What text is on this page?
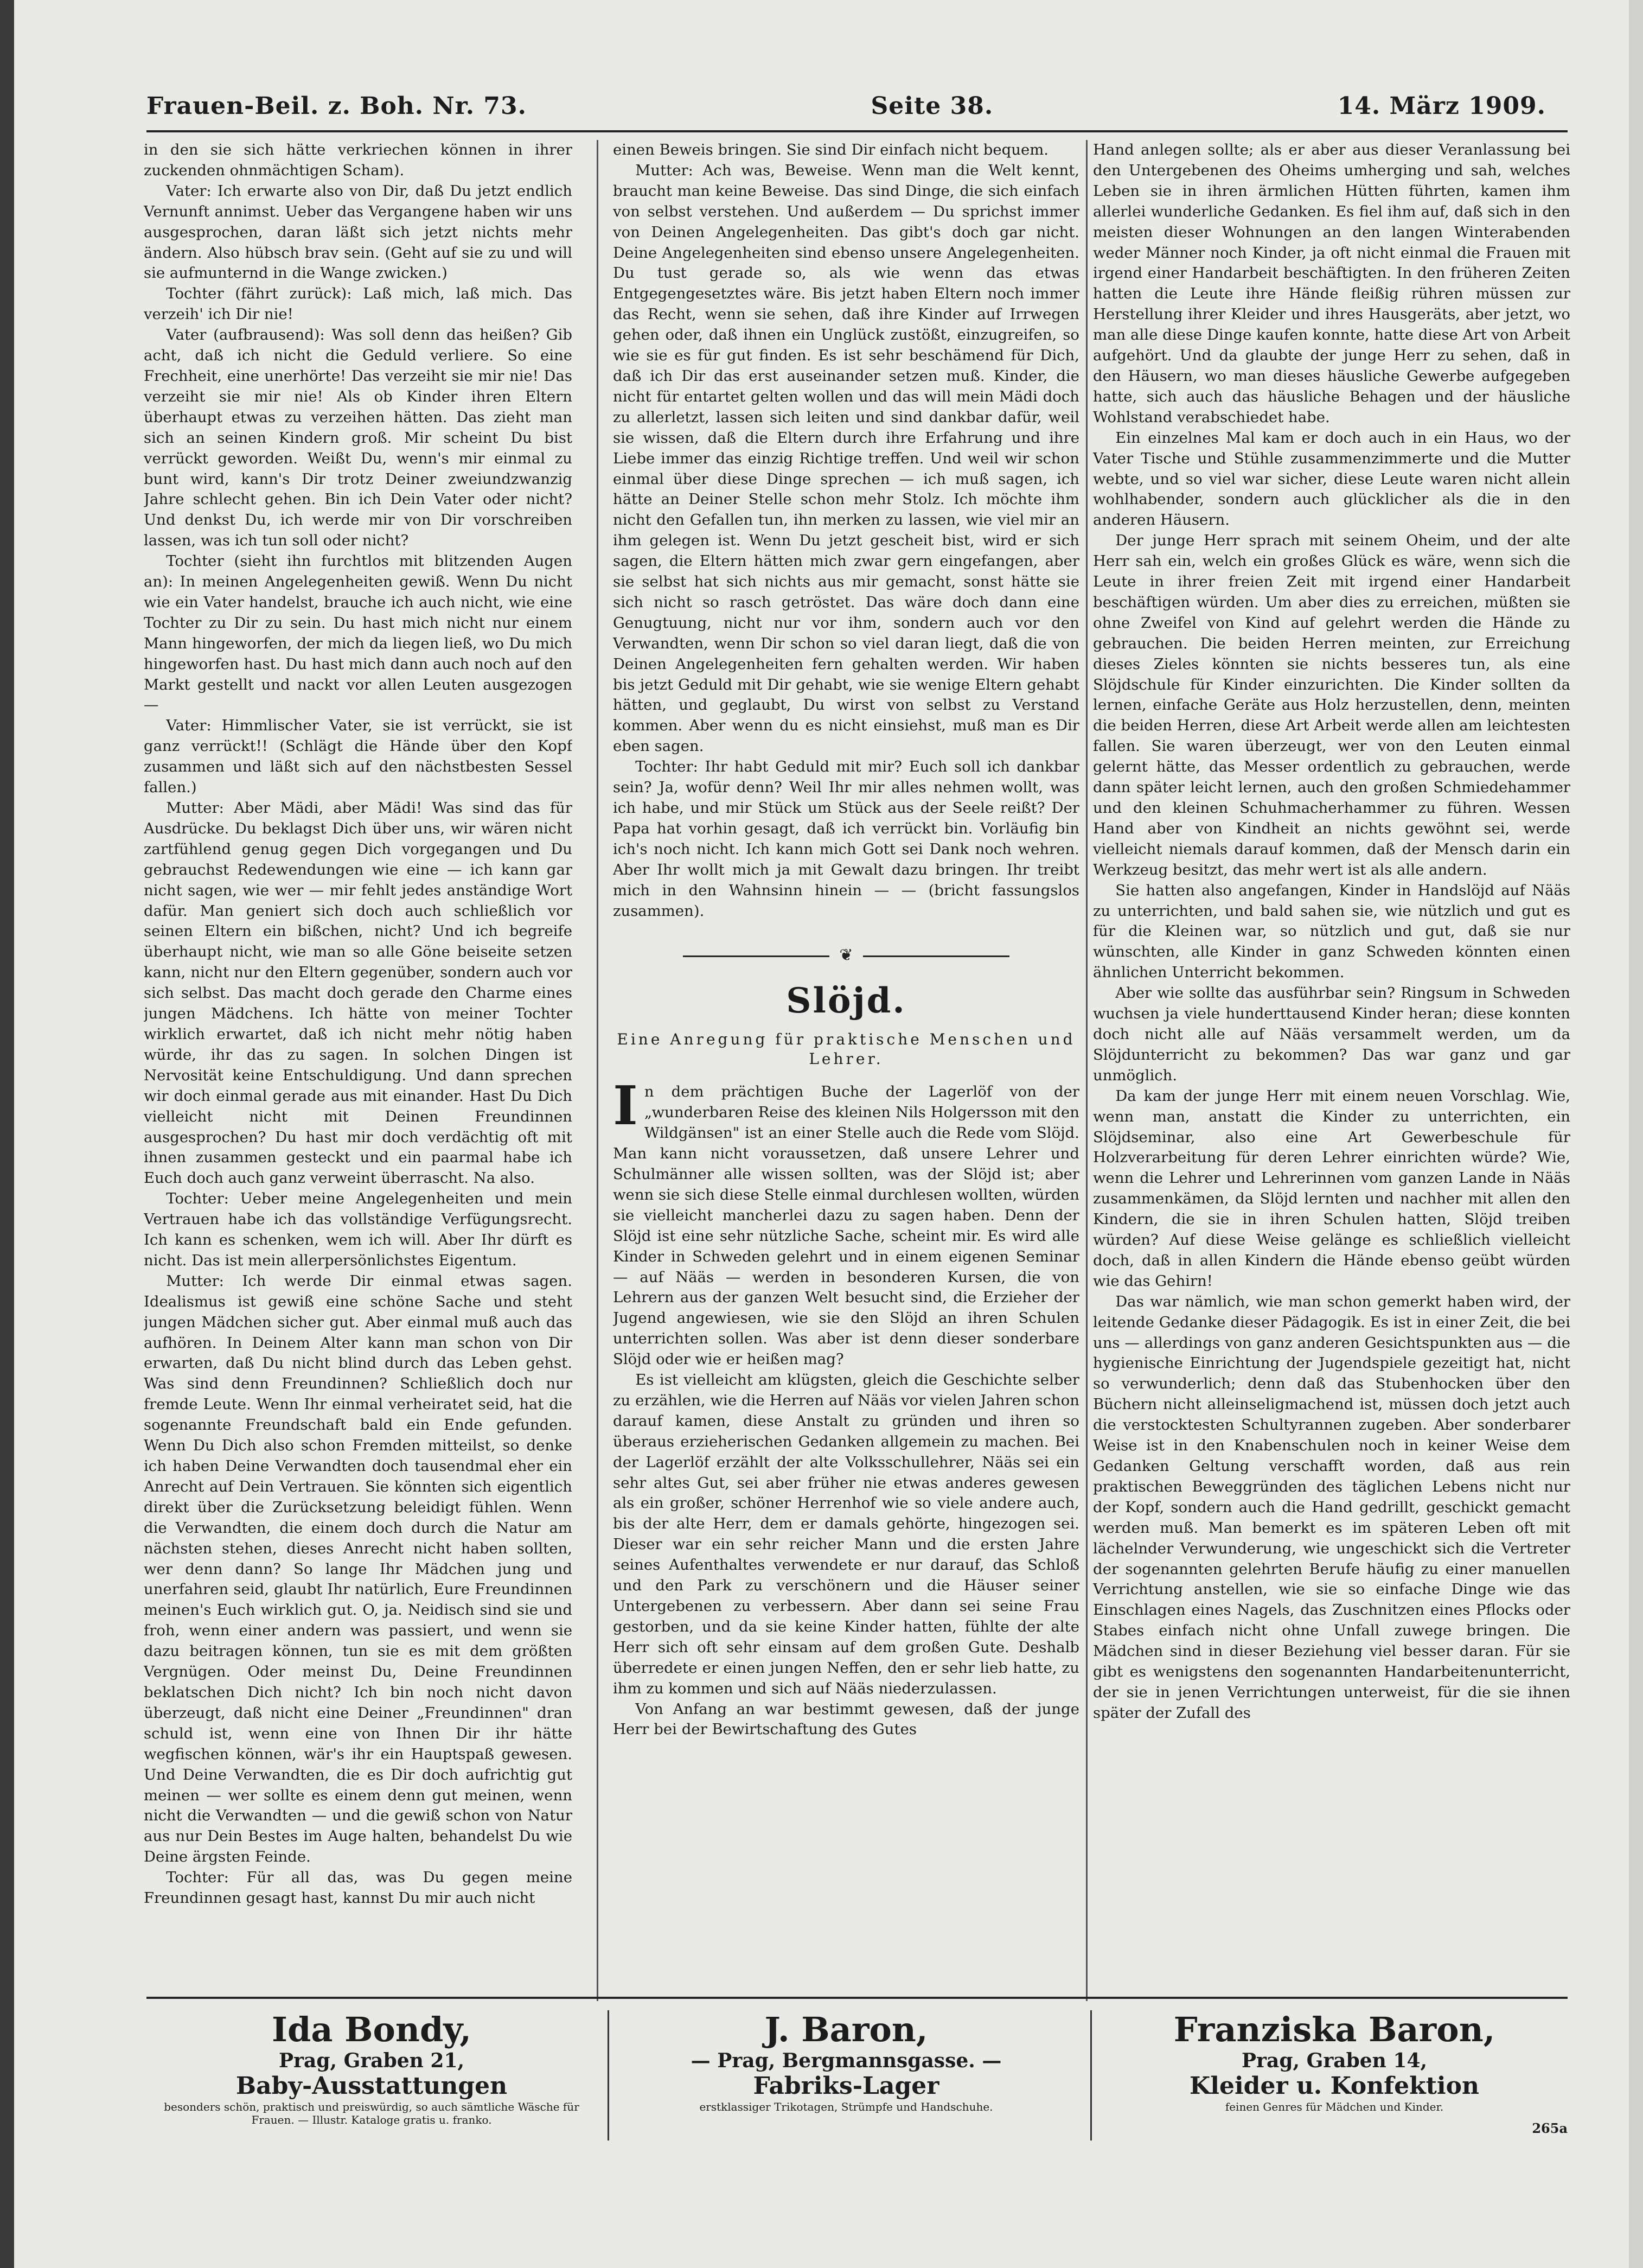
Frauen-Beil. z. Boh. Nr. 73.	Seite 38.	14. März 1909.

in den sie sich hätte verkriechen können in ihrer zuckenden ohnmächtigen Scham).

Vater: Ich erwarte also von Dir, daß Du jetzt endlich Vernunft annimst. Ueber das Vergangene haben wir uns ausgesprochen, daran läßt sich jetzt nichts mehr ändern. Also hübsch brav sein. (Geht auf sie zu und will sie aufmunternd in die Wange zwicken.)

Tochter (fährt zurück): Laß mich, laß mich. Das verzeih' ich Dir nie!

Vater (aufbrausend): Was soll denn das heißen? Gib acht, daß ich nicht die Geduld verliere. So eine Frechheit, eine unerhörte! Das verzeiht sie mir nie! Das verzeiht sie mir nie! Als ob Kinder ihren Eltern überhaupt etwas zu verzeihen hätten. Das zieht man sich an seinen Kindern groß. Mir scheint Du bist verrückt geworden. Weißt Du, wenn's mir einmal zu bunt wird, kann's Dir trotz Deiner zweiundzwanzig Jahre schlecht gehen. Bin ich Dein Vater oder nicht? Und denkst Du, ich werde mir von Dir vorschreiben lassen, was ich tun soll oder nicht?

Tochter (sieht ihn furchtlos mit blitzenden Augen an): In meinen Angelegenheiten gewiß. Wenn Du nicht wie ein Vater handelst, brauche ich auch nicht, wie eine Tochter zu Dir zu sein. Du hast mich nicht nur einem Mann hingeworfen, der mich da liegen ließ, wo Du mich hingeworfen hast. Du hast mich dann auch noch auf den Markt gestellt und nackt vor allen Leuten ausgezogen —

Vater: Himmlischer Vater, sie ist verrückt, sie ist ganz verrückt!! (Schlägt die Hände über den Kopf zusammen und läßt sich auf den nächstbesten Sessel fallen.)

Mutter: Aber Mädi, aber Mädi! Was sind das für Ausdrücke. Du beklagst Dich über uns, wir wären nicht zartfühlend genug gegen Dich vorgegangen und Du gebrauchst Redewendungen wie eine — ich kann gar nicht sagen, wie wer — mir fehlt jedes anständige Wort dafür. Man geniert sich doch auch schließlich vor seinen Eltern ein bißchen, nicht? Und ich begreife überhaupt nicht, wie man so alle Göne beiseite setzen kann, nicht nur den Eltern gegenüber, sondern auch vor sich selbst. Das macht doch gerade den Charme eines jungen Mädchens. Ich hätte von meiner Tochter wirklich erwartet, daß ich nicht mehr nötig haben würde, ihr das zu sagen. In solchen Dingen ist Nervosität keine Entschuldigung. Und dann sprechen wir doch einmal gerade aus mit einander. Hast Du Dich vielleicht nicht mit Deinen Freundinnen ausgesprochen? Du hast mir doch verdächtig oft mit ihnen zusammen gesteckt und ein paarmal habe ich Euch doch auch ganz verweint überrascht. Na also.

Tochter: Ueber meine Angelegenheiten und mein Vertrauen habe ich das vollständige Verfügungsrecht. Ich kann es schenken, wem ich will. Aber Ihr dürft es nicht. Das ist mein allerpersönlichstes Eigentum.

Mutter: Ich werde Dir einmal etwas sagen. Idealismus ist gewiß eine schöne Sache und steht jungen Mädchen sicher gut. Aber einmal muß auch das aufhören. In Deinem Alter kann man schon von Dir erwarten, daß Du nicht blind durch das Leben gehst. Was sind denn Freundinnen? Schließlich doch nur fremde Leute. Wenn Ihr einmal verheiratet seid, hat die sogenannte Freundschaft bald ein Ende gefunden. Wenn Du Dich also schon Fremden mitteilst, so denke ich haben Deine Verwandten doch tausendmal eher ein Anrecht auf Dein Vertrauen. Sie könnten sich eigentlich direkt über die Zurücksetzung beleidigt fühlen. Wenn die Verwandten, die einem doch durch die Natur am nächsten stehen, dieses Anrecht nicht haben sollten, wer denn dann? So lange Ihr Mädchen jung und unerfahren seid, glaubt Ihr natürlich, Eure Freundinnen meinen's Euch wirklich gut. O, ja. Neidisch sind sie und froh, wenn einer andern was passiert, und wenn sie dazu beitragen können, tun sie es mit dem größten Vergnügen. Oder meinst Du, Deine Freundinnen beklatschen Dich nicht? Ich bin noch nicht davon überzeugt, daß nicht eine Deiner „Freundinnen" dran schuld ist, wenn eine von Ihnen Dir ihr hätte wegfischen können, wär's ihr ein Hauptspaß gewesen. Und Deine Verwandten, die es Dir doch aufrichtig gut meinen — wer sollte es einem denn gut meinen, wenn nicht die Verwandten — und die gewiß schon von Natur aus nur Dein Bestes im Auge halten, behandelst Du wie Deine ärgsten Feinde.

Tochter: Für all das, was Du gegen meine Freundinnen gesagt hast, kannst Du mir auch nicht

einen Beweis bringen. Sie sind Dir einfach nicht bequem.

Mutter: Ach was, Beweise. Wenn man die Welt kennt, braucht man keine Beweise. Das sind Dinge, die sich einfach von selbst verstehen. Und außerdem — Du sprichst immer von Deinen Angelegenheiten. Das gibt's doch gar nicht. Deine Angelegenheiten sind ebenso unsere Angelegenheiten. Du tust gerade so, als wie wenn das etwas Entgegengesetztes wäre. Bis jetzt haben Eltern noch immer das Recht, wenn sie sehen, daß ihre Kinder auf Irrwegen gehen oder, daß ihnen ein Unglück zustößt, einzugreifen, so wie sie es für gut finden. Es ist sehr beschämend für Dich, daß ich Dir das erst auseinander setzen muß. Kinder, die nicht für entartet gelten wollen und das will mein Mädi doch zu allerletzt, lassen sich leiten und sind dankbar dafür, weil sie wissen, daß die Eltern durch ihre Erfahrung und ihre Liebe immer das einzig Richtige treffen. Und weil wir schon einmal über diese Dinge sprechen — ich muß sagen, ich hätte an Deiner Stelle schon mehr Stolz. Ich möchte ihm nicht den Gefallen tun, ihn merken zu lassen, wie viel mir an ihm gelegen ist. Wenn Du jetzt gescheit bist, wird er sich sagen, die Eltern hätten mich zwar gern eingefangen, aber sie selbst hat sich nichts aus mir gemacht, sonst hätte sie sich nicht so rasch getröstet. Das wäre doch dann eine Genugtuung, nicht nur vor ihm, sondern auch vor den Verwandten, wenn Dir schon so viel daran liegt, daß die von Deinen Angelegenheiten fern gehalten werden. Wir haben bis jetzt Geduld mit Dir gehabt, wie sie wenige Eltern gehabt hätten, und geglaubt, Du wirst von selbst zu Verstand kommen. Aber wenn du es nicht einsiehst, muß man es Dir eben sagen.

Tochter: Ihr habt Geduld mit mir? Euch soll ich dankbar sein? Ja, wofür denn? Weil Ihr mir alles nehmen wollt, was ich habe, und mir Stück um Stück aus der Seele reißt? Der Papa hat vorhin gesagt, daß ich verrückt bin. Vorläufig bin ich's noch nicht. Ich kann mich Gott sei Dank noch wehren. Aber Ihr wollt mich ja mit Gewalt dazu bringen. Ihr treibt mich in den Wahnsinn hinein — — (bricht fassungslos zusammen).

❦
Slöjd.
Eine Anregung für praktische Menschen und Lehrer.

In dem prächtigen Buche der Lagerlöf von der „wunderbaren Reise des kleinen Nils Holgersson mit den Wildgänsen" ist an einer Stelle auch die Rede vom Slöjd. Man kann nicht voraussetzen, daß unsere Lehrer und Schulmänner alle wissen sollten, was der Slöjd ist; aber wenn sie sich diese Stelle einmal durchlesen wollten, würden sie vielleicht mancherlei dazu zu sagen haben. Denn der Slöjd ist eine sehr nützliche Sache, scheint mir. Es wird alle Kinder in Schweden gelehrt und in einem eigenen Seminar — auf Nääs — werden in besonderen Kursen, die von Lehrern aus der ganzen Welt besucht sind, die Erzieher der Jugend angewiesen, wie sie den Slöjd an ihren Schulen unterrichten sollen. Was aber ist denn dieser sonderbare Slöjd oder wie er heißen mag?

Es ist vielleicht am klügsten, gleich die Geschichte selber zu erzählen, wie die Herren auf Nääs vor vielen Jahren schon darauf kamen, diese Anstalt zu gründen und ihren so überaus erzieherischen Gedanken allgemein zu machen. Bei der Lagerlöf erzählt der alte Volksschullehrer, Nääs sei ein sehr altes Gut, sei aber früher nie etwas anderes gewesen als ein großer, schöner Herrenhof wie so viele andere auch, bis der alte Herr, dem er damals gehörte, hingezogen sei. Dieser war ein sehr reicher Mann und die ersten Jahre seines Aufenthaltes verwendete er nur darauf, das Schloß und den Park zu verschönern und die Häuser seiner Untergebenen zu verbessern. Aber dann sei seine Frau gestorben, und da sie keine Kinder hatten, fühlte der alte Herr sich oft sehr einsam auf dem großen Gute. Deshalb überredete er einen jungen Neffen, den er sehr lieb hatte, zu ihm zu kommen und sich auf Nääs niederzulassen.

Von Anfang an war bestimmt gewesen, daß der junge Herr bei der Bewirtschaftung des Gutes

Hand anlegen sollte; als er aber aus dieser Veranlassung bei den Untergebenen des Oheims umherging und sah, welches Leben sie in ihren ärmlichen Hütten führten, kamen ihm allerlei wunderliche Gedanken. Es fiel ihm auf, daß sich in den meisten dieser Wohnungen an den langen Winterabenden weder Männer noch Kinder, ja oft nicht einmal die Frauen mit irgend einer Handarbeit beschäftigten. In den früheren Zeiten hatten die Leute ihre Hände fleißig rühren müssen zur Herstellung ihrer Kleider und ihres Hausgeräts, aber jetzt, wo man alle diese Dinge kaufen konnte, hatte diese Art von Arbeit aufgehört. Und da glaubte der junge Herr zu sehen, daß in den Häusern, wo man dieses häusliche Gewerbe aufgegeben hatte, sich auch das häusliche Behagen und der häusliche Wohlstand verabschiedet habe.

Ein einzelnes Mal kam er doch auch in ein Haus, wo der Vater Tische und Stühle zusammenzimmerte und die Mutter webte, und so viel war sicher, diese Leute waren nicht allein wohlhabender, sondern auch glücklicher als die in den anderen Häusern.

Der junge Herr sprach mit seinem Oheim, und der alte Herr sah ein, welch ein großes Glück es wäre, wenn sich die Leute in ihrer freien Zeit mit irgend einer Handarbeit beschäftigen würden. Um aber dies zu erreichen, müßten sie ohne Zweifel von Kind auf gelehrt werden die Hände zu gebrauchen. Die beiden Herren meinten, zur Erreichung dieses Zieles könnten sie nichts besseres tun, als eine Slöjdschule für Kinder einzurichten. Die Kinder sollten da lernen, einfache Geräte aus Holz herzustellen, denn, meinten die beiden Herren, diese Art Arbeit werde allen am leichtesten fallen. Sie waren überzeugt, wer von den Leuten einmal gelernt hätte, das Messer ordentlich zu gebrauchen, werde dann später leicht lernen, auch den großen Schmiedehammer und den kleinen Schuhmacherhammer zu führen. Wessen Hand aber von Kindheit an nichts gewöhnt sei, werde vielleicht niemals darauf kommen, daß der Mensch darin ein Werkzeug besitzt, das mehr wert ist als alle andern.

Sie hatten also angefangen, Kinder in Handslöjd auf Nääs zu unterrichten, und bald sahen sie, wie nützlich und gut es für die Kleinen war, so nützlich und gut, daß sie nur wünschten, alle Kinder in ganz Schweden könnten einen ähnlichen Unterricht bekommen.

Aber wie sollte das ausführbar sein? Ringsum in Schweden wuchsen ja viele hunderttausend Kinder heran; diese konnten doch nicht alle auf Nääs versammelt werden, um da Slöjdunterricht zu bekommen? Das war ganz und gar unmöglich.

Da kam der junge Herr mit einem neuen Vorschlag. Wie, wenn man, anstatt die Kinder zu unterrichten, ein Slöjdseminar, also eine Art Gewerbeschule für Holzverarbeitung für deren Lehrer einrichten würde? Wie, wenn die Lehrer und Lehrerinnen vom ganzen Lande in Nääs zusammenkämen, da Slöjd lernten und nachher mit allen den Kindern, die sie in ihren Schulen hatten, Slöjd treiben würden? Auf diese Weise gelänge es schließlich vielleicht doch, daß in allen Kindern die Hände ebenso geübt würden wie das Gehirn!

Das war nämlich, wie man schon gemerkt haben wird, der leitende Gedanke dieser Pädagogik. Es ist in einer Zeit, die bei uns — allerdings von ganz anderen Gesichtspunkten aus — die hygienische Einrichtung der Jugendspiele gezeitigt hat, nicht so verwunderlich; denn daß das Stubenhocken über den Büchern nicht alleinseligmachend ist, müssen doch jetzt auch die verstocktesten Schultyrannen zugeben. Aber sonderbarer Weise ist in den Knabenschulen noch in keiner Weise dem Gedanken Geltung verschafft worden, daß aus rein praktischen Beweggründen des täglichen Lebens nicht nur der Kopf, sondern auch die Hand gedrillt, geschickt gemacht werden muß. Man bemerkt es im späteren Leben oft mit lächelnder Verwunderung, wie ungeschickt sich die Vertreter der sogenannten gelehrten Berufe häufig zu einer manuellen Verrichtung anstellen, wie sie so einfache Dinge wie das Einschlagen eines Nagels, das Zuschnitzen eines Pflocks oder Stabes einfach nicht ohne Unfall zuwege bringen. Die Mädchen sind in dieser Beziehung viel besser daran. Für sie gibt es wenigstens den sogenannten Handarbeitenunterricht, der sie in jenen Verrichtungen unterweist, für die sie ihnen später der Zufall des

Ida Bondy,
Prag, Graben 21,
Baby-Ausstattungen
besonders schön, praktisch und preiswürdig, so auch sämtliche Wäsche für Frauen. — Illustr. Kataloge gratis u. franko.
J. Baron,
— Prag, Bergmannsgasse. —
Fabriks-Lager
erstklassiger Trikotagen, Strümpfe und Handschuhe.
Franziska Baron,
Prag, Graben 14,
Kleider u. Konfektion
feinen Genres für Mädchen und Kinder.
265a
